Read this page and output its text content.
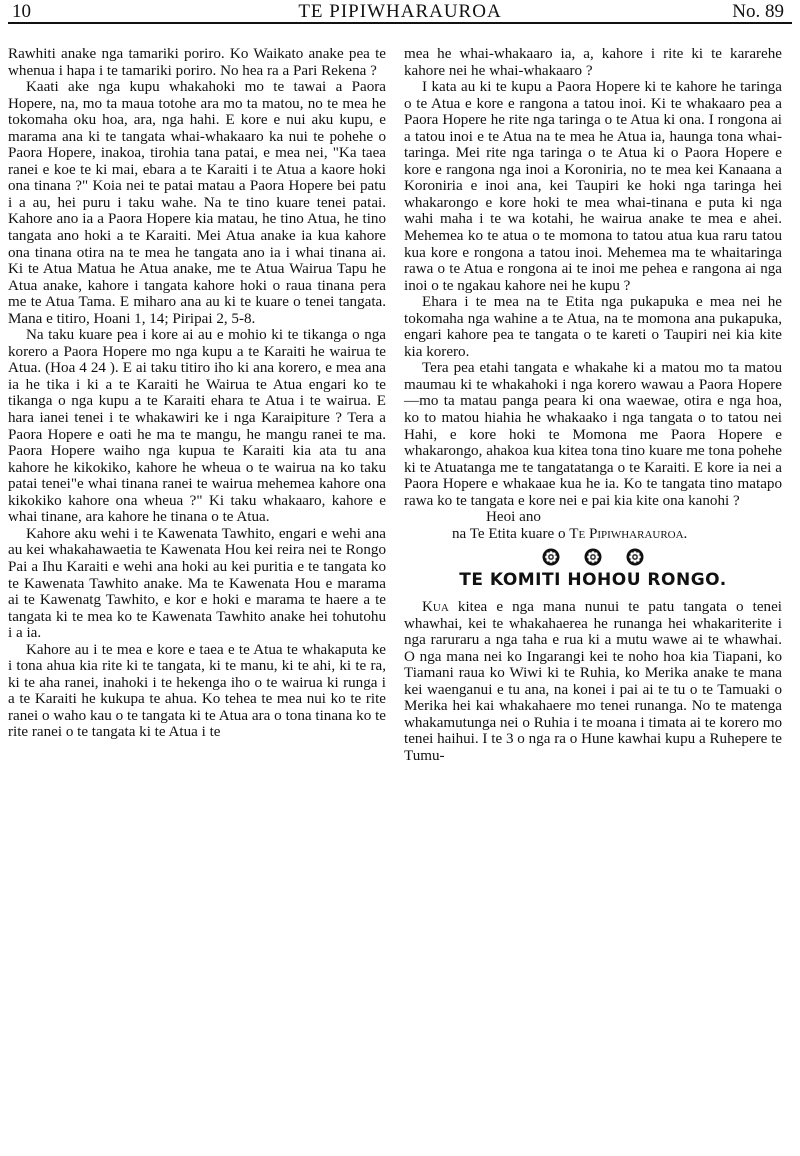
10	TE PIPIWHARAUROA	No. 89

Rawhiti anake nga tamariki poriro. Ko Waikato anake pea te whenua i hapa i te tamariki poriro. No hea ra a Pari Rekena ?

Kaati ake nga kupu whakahoki mo te tawai a Paora Hopere, na, mo ta maua totohe ara mo ta matou, no te mea he tokomaha oku hoa, ara, nga hahi. E kore e nui aku kupu, e marama ana ki te tangata whai-whakaaro ka nui te pohehe o Paora Hopere, inakoa, tirohia tana patai, e mea nei, "Ka taea ranei e koe te ki mai, ebara a te Karaiti i te Atua a kaore hoki ona tinana ?" Koia nei te patai matau a Paora Hopere bei patu i a au, hei puru i taku wahe. Na te tino kuare tenei patai. Kahore ano ia a Paora Hopere kia matau, he tino Atua, he tino tangata ano hoki a te Karaiti. Mei Atua anake ia kua kahore ona tinana otira na te mea he tangata ano ia i whai tinana ai. Ki te Atua Matua he Atua anake, me te Atua Wairua Tapu he Atua anake, kahore i tangata kahore hoki o raua tinana pera me te Atua Tama. E miharo ana au ki te kuare o tenei tangata. Mana e titiro, Hoani 1, 14; Piripai 2, 5-8.

Na taku kuare pea i kore ai au e mohio ki te tikanga o nga korero a Paora Hopere mo nga kupu a te Karaiti he wairua te Atua. (Hoa 4 24 ). E ai taku titiro iho ki ana korero, e mea ana ia he tika i ki a te Karaiti he Wairua te Atua engari ko te tikanga o nga kupu a te Karaiti ehara te Atua i te wairua. E hara ianei tenei i te whakawiri ke i nga Karaipiture ? Tera a Paora Hopere e oati he ma te mangu, he mangu ranei te ma. Paora Hopere waiho nga kupua te Karaiti kia ata tu ana kahore he kikokiko, kahore he wheua o te wairua na ko taku patai tenei"e whai tinana ranei te wairua mehemea kahore ona kikokiko kahore ona wheua ?" Ki taku whakaaro, kahore e whai tinane, ara kahore he tinana o te Atua.

Kahore aku wehi i te Kawenata Tawhito, engari e wehi ana au kei whakahawaetia te Kawenata Hou kei reira nei te Rongo Pai a Ihu Karaiti e wehi ana hoki au kei puritia e te tangata ko te Kawenata Tawhito anake. Ma te Kawenata Hou e marama ai te Kawenatg Tawhito, e kor e hoki e marama te haere a te tangata ki te mea ko te Kawenata Tawhito anake hei tohutohu i a ia.

Kahore au i te mea e kore e taea e te Atua te whakaputa ke i tona ahua kia rite ki te tangata, ki te manu, ki te ahi, ki te ra, ki te aha ranei, inahoki i te hekenga iho o te wairua ki runga i a te Karaiti he kukupa te ahua. Ko tehea te mea nui ko te rite ranei o waho kau o te tangata ki te Atua ara o tona tinana ko te rite ranei o te tangata ki te Atua i te

mea he whai-whakaaro ia, a, kahore i rite ki te kararehe kahore nei he whai-whakaaro ?

I kata au ki te kupu a Paora Hopere ki te kahore he taringa o te Atua e kore e rangona a tatou inoi. Ki te whakaaro pea a Paora Hopere he rite nga taringa o te Atua ki ona. I rongona ai a tatou inoi e te Atua na te mea he Atua ia, haunga tona whai-taringa. Mei rite nga taringa o te Atua ki o Paora Hopere e kore e rangona nga inoi a Koroniria, no te mea kei Kanaana a Koroniria e inoi ana, kei Taupiri ke hoki nga taringa hei whakarongo e kore hoki te mea whai-tinana e puta ki nga wahi maha i te wa kotahi, he wairua anake te mea e ahei. Mehemea ko te atua o te momona to tatou atua kua raru tatou kua kore e rongona a tatou inoi. Mehemea ma te whaitaringa rawa o te Atua e rongona ai te inoi me pehea e rangona ai nga inoi o te ngakau kahore nei he kupu ?

Ehara i te mea na te Etita nga pukapuka e mea nei he tokomaha nga wahine a te Atua, na te momona ana pukapuka, engari kahore pea te tangata o te kareti o Taupiri nei kia kite kia korero.

Tera pea etahi tangata e whakahe ki a matou mo ta matou maumau ki te whakahoki i nga korero wawau a Paora Hopere—mo ta matau panga peara ki ona waewae, otira e nga hoa, ko to matou hiahia he whakaako i nga tangata o to tatou nei Hahi, e kore hoki te Momona me Paora Hopere e whakarongo, ahakoa kua kitea tona tino kuare me tona pohehe ki te Atuatanga me te tangatatanga o te Karaiti. E kore ia nei a Paora Hopere e whakaae kua he ia. Ko te tangata tino matapo rawa ko te tangata e kore nei e pai kia kite ona kanohi ?

Heoi ano
na Te Etita kuare o Te Pipiwharauroa.
TE KOMITI HOHOU RONGO.

Kua kitea e nga mana nunui te patu tangata o tenei whawhai, kei te whakahaerea he runanga hei whakariterite i nga raruraru a nga taha e rua ki a mutu wawe ai te whawhai. O nga mana nei ko Ingarangi kei te noho hoa kia Tiapani, ko Tiamani raua ko Wiwi ki te Ruhia, ko Merika anake te mana kei waenganui e tu ana, na konei i pai ai te tu o te Tamuaki o Merika hei kai whakahaere mo tenei runanga. No te matenga whakamutunga nei o Ruhia i te moana i timata ai te korero mo tenei haihui. I te 3 o nga ra o Hune kawhai kupu a Ruhepere te Tumu-
